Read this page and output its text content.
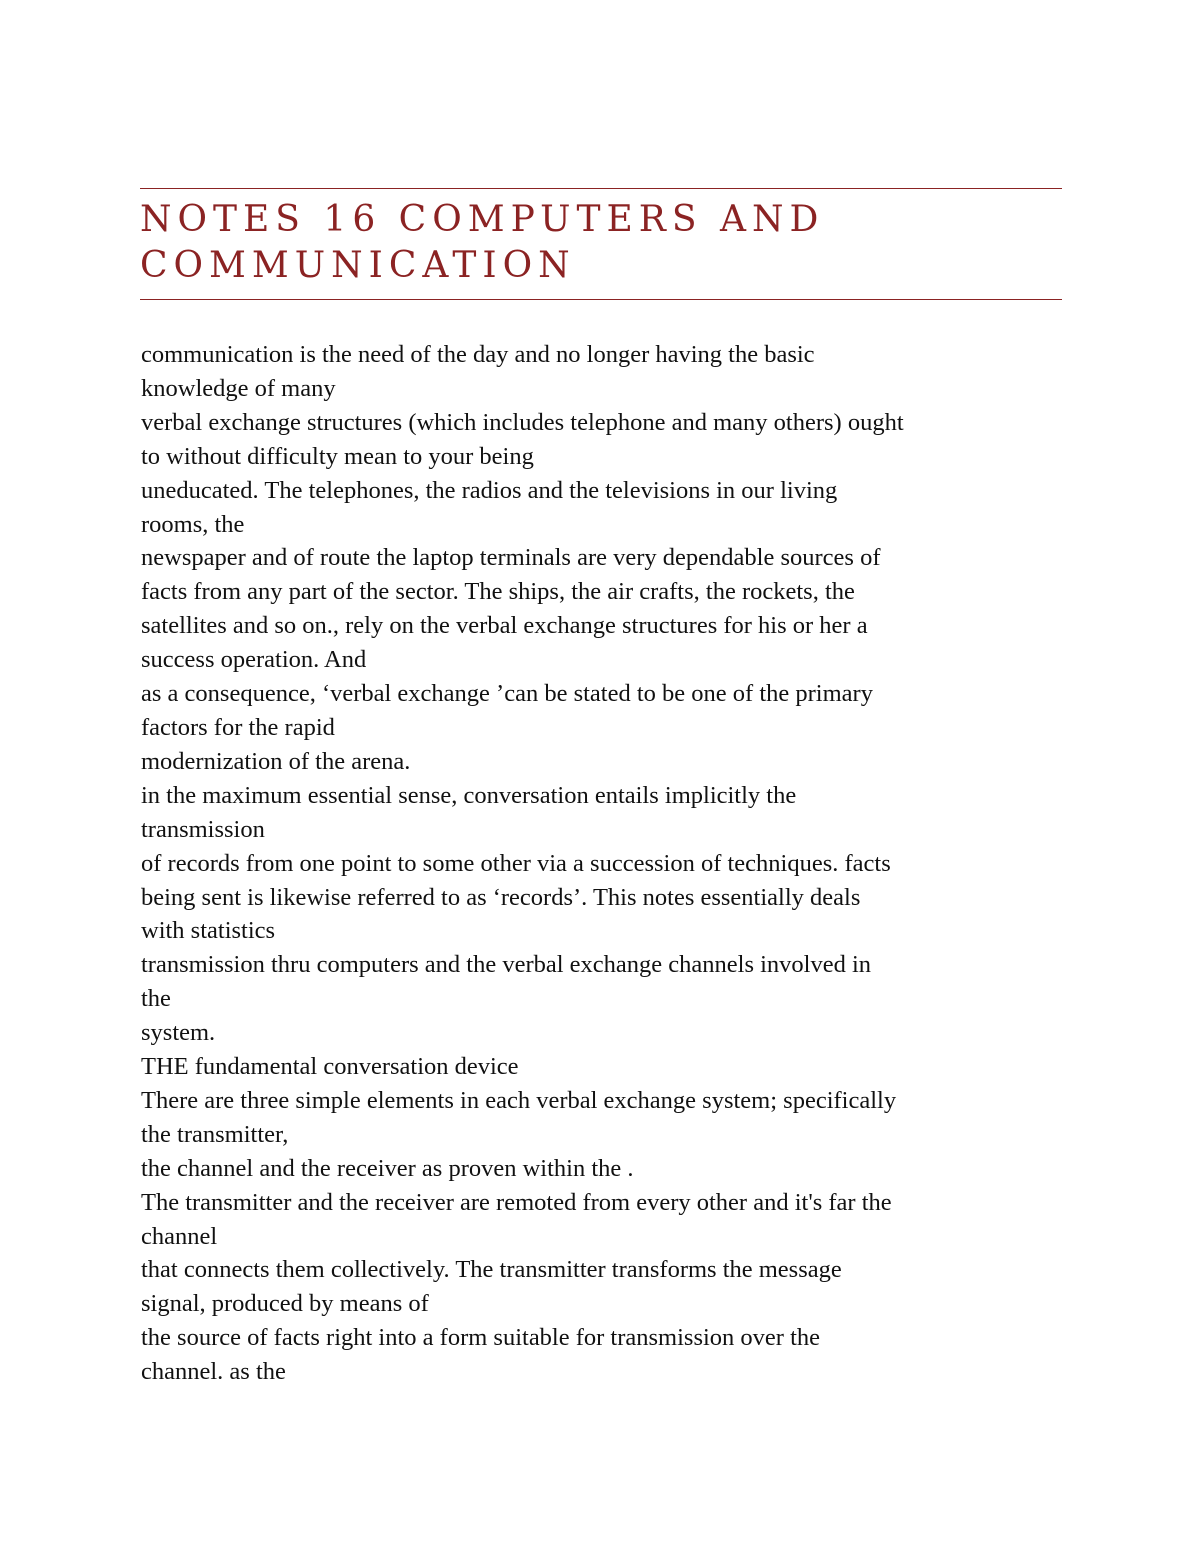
NOTES 16 COMPUTERS AND COMMUNICATION
communication is the need of the day and no longer having the basic
knowledge of many
verbal exchange structures (which includes telephone and many others) ought
to without difficulty mean to your being
uneducated. The telephones, the radios and the televisions in our living
rooms, the
newspaper and of route the laptop terminals are very dependable sources of
facts from any part of the sector. The ships, the air crafts, the rockets, the
satellites and so on., rely on the verbal exchange structures for his or her a
success operation. And
as a consequence, ‘verbal exchange ’can be stated to be one of the primary
factors for the rapid
modernization of the arena.
in the maximum essential sense, conversation entails implicitly the
transmission
of records from one point to some other via a succession of techniques. facts
being sent is likewise referred to as ‘records’. This notes essentially deals
with statistics
transmission thru computers and the verbal exchange channels involved in
the
system.
THE fundamental conversation device
There are three simple elements in each verbal exchange system; specifically
the transmitter,
the channel and the receiver as proven within the .
The transmitter and the receiver are remoted from every other and it's far the
channel
that connects them collectively. The transmitter transforms the message
signal, produced by means of
the source of facts right into a form suitable for transmission over the
channel. as the
